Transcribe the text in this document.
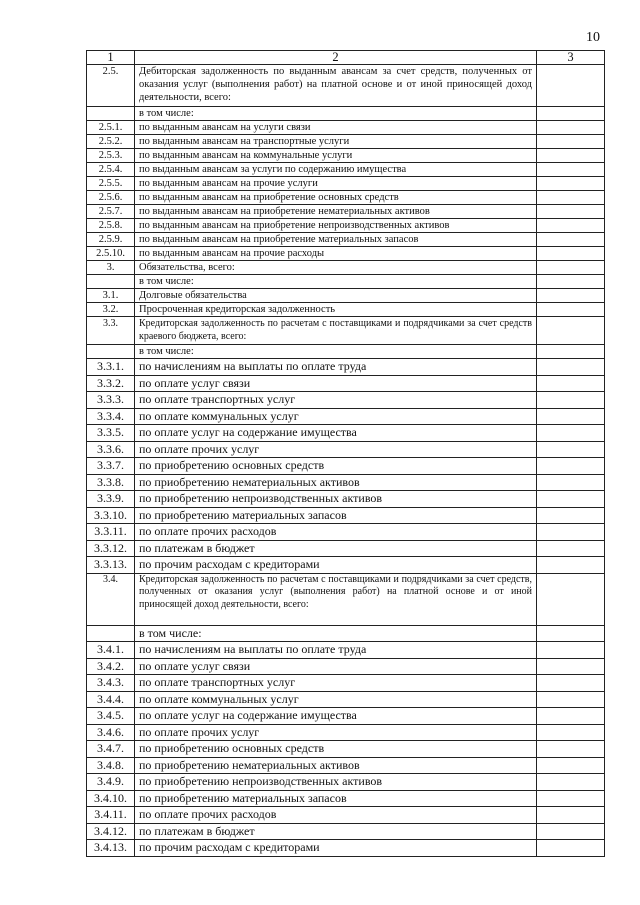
10
1	2	3
2.5.	Дебиторская задолженность по выданным авансам за счет средств, полученных от оказания услуг (выполнения работ) на платной основе и от иной приносящей доход деятельности, всего:	
	в том числе:	
2.5.1.	по выданным авансам на услуги связи	
2.5.2.	по выданным авансам на транспортные услуги	
2.5.3.	по выданным авансам на коммунальные услуги	
2.5.4.	по выданным авансам за услуги по содержанию имущества	
2.5.5.	по выданным авансам на прочие услуги	
2.5.6.	по выданным авансам на приобретение основных средств	
2.5.7.	по выданным авансам на приобретение нематериальных активов	
2.5.8.	по выданным авансам на приобретение непроизводственных активов	
2.5.9.	по выданным авансам на приобретение материальных запасов	
2.5.10.	по выданным авансам на прочие расходы	
3.	Обязательства, всего:	
	в том числе:	
3.1.	Долговые обязательства	
3.2.	Просроченная кредиторская задолженность	
3.3.	Кредиторская задолженность по расчетам с поставщиками и подрядчиками за счет средств краевого бюджета, всего:	
	в том числе:	
3.3.1.	по начислениям на выплаты по оплате труда	
3.3.2.	по оплате услуг связи	
3.3.3.	по оплате транспортных услуг	
3.3.4.	по оплате коммунальных услуг	
3.3.5.	по оплате услуг на содержание имущества	
3.3.6.	по оплате прочих услуг	
3.3.7.	по приобретению основных средств	
3.3.8.	по приобретению нематериальных активов	
3.3.9.	по приобретению непроизводственных активов	
3.3.10.	по приобретению материальных запасов	
3.3.11.	по оплате прочих расходов	
3.3.12.	по платежам в бюджет	
3.3.13.	по прочим расходам с кредиторами	
3.4.	Кредиторская задолженность по расчетам с поставщиками и подрядчиками за счет средств, полученных от оказания услуг (выполнения работ) на платной основе и от иной приносящей доход деятельности, всего:	
	в том числе:	
3.4.1.	по начислениям на выплаты по оплате труда	
3.4.2.	по оплате услуг связи	
3.4.3.	по оплате транспортных услуг	
3.4.4.	по оплате коммунальных услуг	
3.4.5.	по оплате услуг на содержание имущества	
3.4.6.	по оплате прочих услуг	
3.4.7.	по приобретению основных средств	
3.4.8.	по приобретению нематериальных активов	
3.4.9.	по приобретению непроизводственных активов	
3.4.10.	по приобретению материальных запасов	
3.4.11.	по оплате прочих расходов	
3.4.12.	по платежам в бюджет	
3.4.13.	по прочим расходам с кредиторами	
